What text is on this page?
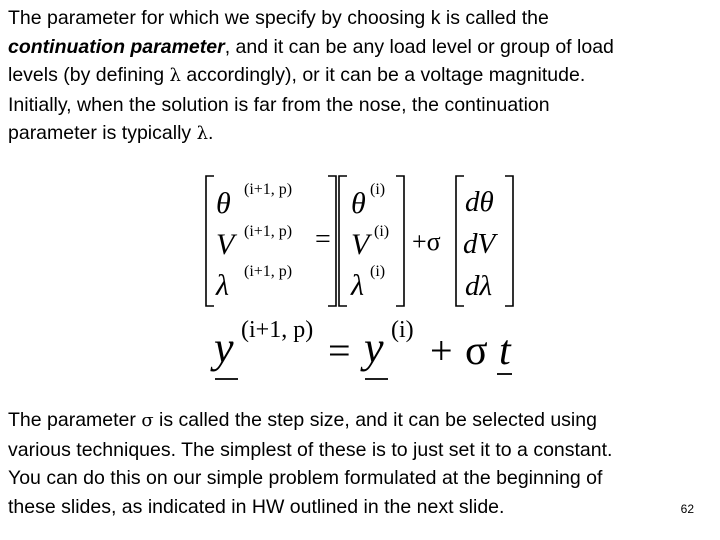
The parameter for which we specify by choosing k is called the
continuation parameter, and it can be any load level or group of load
levels (by defining λ accordingly), or it can be a voltage magnitude.
Initially, when the solution is far from the nose, the continuation
parameter is typically λ.

θ (i+1, p)
V (i+1, p)
λ (i+1, p)
=
θ (i)
V (i)
λ (i)
+σ
dθ
dV
dλ
y (i+1, p) = y (i) + σ t

The parameter σ is called the step size, and it can be selected using
various techniques. The simplest of these is to just set it to a constant.
You can do this on our simple problem formulated at the beginning of
these slides, as indicated in HW outlined in the next slide.	62
